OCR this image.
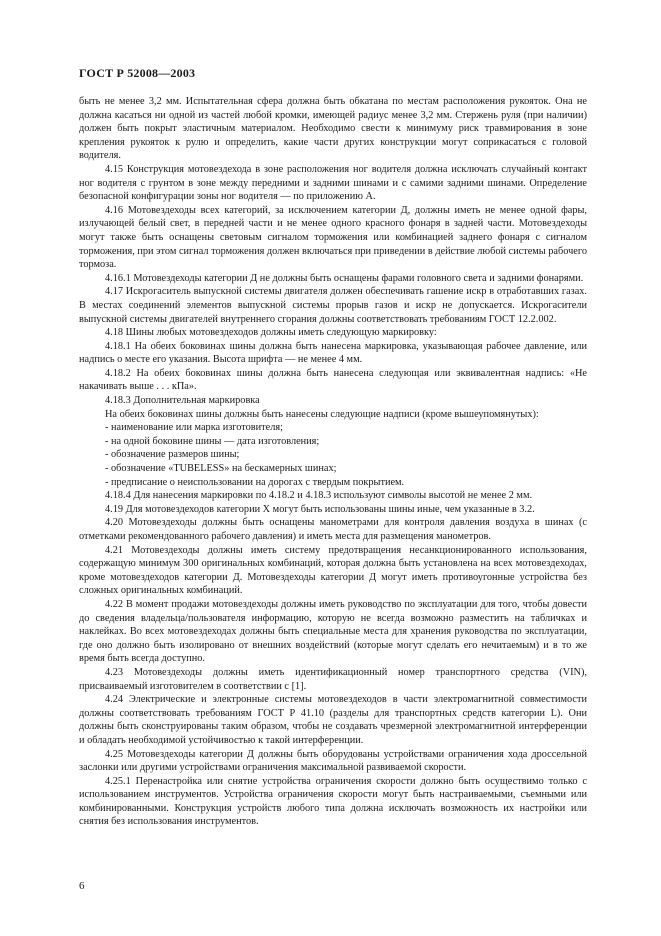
ГОСТ Р 52008—2003

быть не менее 3,2 мм. Испытательная сфера должна быть обкатана по местам расположения рукояток. Она не должна касаться ни одной из частей любой кромки, имеющей радиус менее 3,2 мм. Стержень руля (при наличии) должен быть покрыт эластичным материалом. Необходимо свести к минимуму риск травмирования в зоне крепления рукояток к рулю и определить, какие части других конструкции могут соприкасаться с головой водителя.

4.15 Конструкция мотовездехода в зоне расположения ног водителя должна исключать случайный контакт ног водителя с грунтом в зоне между передними и задними шинами и с самими задними шинами. Определение безопасной конфигурации зоны ног водителя — по приложению А.

4.16 Мотовездеходы всех категорий, за исключением категории Д, должны иметь не менее одной фары, излучающей белый свет, в передней части и не менее одного красного фонаря в задней части. Мотовездеходы могут также быть оснащены световым сигналом торможения или комбинацией заднего фонаря с сигналом торможения, при этом сигнал торможения должен включаться при приведении в действие любой системы рабочего тормоза.

4.16.1 Мотовездеходы категории Д не должны быть оснащены фарами головного света и задними фонарями.

4.17 Искрогаситель выпускной системы двигателя должен обеспечивать гашение искр в отработавших газах. В местах соединений элементов выпускной системы прорыв газов и искр не допускается. Искрогасители выпускной системы двигателей внутреннего сгорания должны соответствовать требованиям ГОСТ 12.2.002.

4.18 Шины любых мотовездеходов должны иметь следующую маркировку:

4.18.1 На обеих боковинах шины должна быть нанесена маркировка, указывающая рабочее давление, или надпись о месте его указания. Высота шрифта — не менее 4 мм.

4.18.2 На обеих боковинах шины должна быть нанесена следующая или эквивалентная надпись: «Не накачивать выше . . . кПа».

4.18.3 Дополнительная маркировка

На обеих боковинах шины должны быть нанесены следующие надписи (кроме вышеупомянутых):

- наименование или марка изготовителя;

- на одной боковине шины — дата изготовления;

- обозначение размеров шины;

- обозначение «TUBELESS» на бескамерных шинах;

- предписание о неиспользовании на дорогах с твердым покрытием.

4.18.4 Для нанесения маркировки по 4.18.2 и 4.18.3 используют символы высотой не менее 2 мм.

4.19 Для мотовездеходов категории Х могут быть использованы шины иные, чем указанные в 3.2.

4.20 Мотовездеходы должны быть оснащены манометрами для контроля давления воздуха в шинах (с отметками рекомендованного рабочего давления) и иметь места для размещения манометров.

4.21 Мотовездеходы должны иметь систему предотвращения несанкционированного использования, содержащую минимум 300 оригинальных комбинаций, которая должна быть установлена на всех мотовездеходах, кроме мотовездеходов категории Д. Мотовездеходы категории Д могут иметь противоугонные устройства без сложных оригинальных комбинаций.

4.22 В момент продажи мотовездеходы должны иметь руководство по эксплуатации для того, чтобы довести до сведения владельца/пользователя информацию, которую не всегда возможно разместить на табличках и наклейках. Во всех мотовездеходах должны быть специальные места для хранения руководства по эксплуатации, где оно должно быть изолировано от внешних воздействий (которые могут сделать его нечитаемым) и в то же время быть всегда доступно.

4.23 Мотовездеходы должны иметь идентификационный номер транспортного средства (VIN), присваиваемый изготовителем в соответствии с [1].

4.24 Электрические и электронные системы мотовездеходов в части электромагнитной совместимости должны соответствовать требованиям ГОСТ Р 41.10 (разделы для транспортных средств категории L). Они должны быть сконструированы таким образом, чтобы не создавать чрезмерной электромагнитной интерференции и обладать необходимой устойчивостью к такой интерференции.

4.25 Мотовездеходы категории Д должны быть оборудованы устройствами ограничения хода дроссельной заслонки или другими устройствами ограничения максимальной развиваемой скорости.

4.25.1 Перенастройка или снятие устройства ограничения скорости должно быть осуществимо только с использованием инструментов. Устройства ограничения скорости могут быть настраиваемыми, съемными или комбинированными. Конструкция устройств любого типа должна исключать возможность их настройки или снятия без использования инструментов.

6
